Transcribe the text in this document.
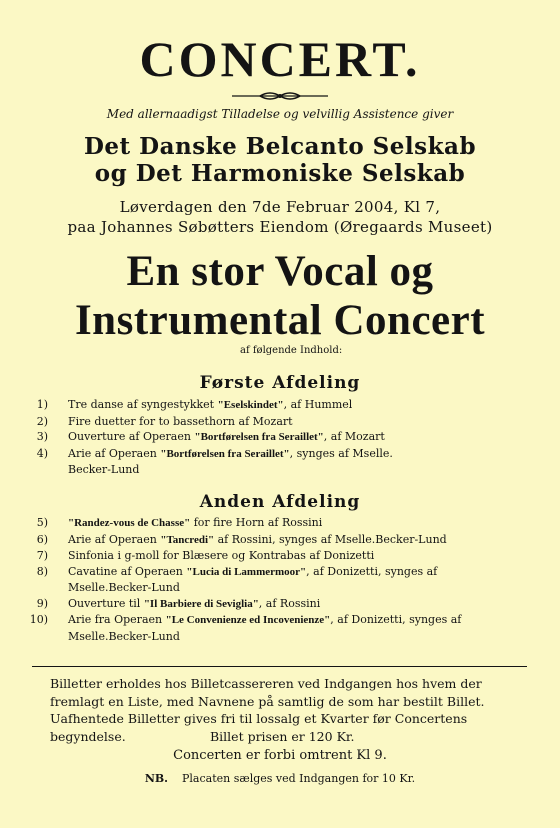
CONCERT.
Med allernaadigst Tilladelse og velvillig Assistence giver
Det Danske Belcanto Selskab
og Det Harmoniske Selskab
Løverdagen den 7de Februar 2004, Kl 7,
paa Johannes Søbøtters Eiendom (Øregaards Museet)
En stor Vocal og
Instrumental Concert
af følgende Indhold:
Første Afdeling
1) Tre danse af syngestykket "Eselskindet", af Hummel
2) Fire duetter for to bassethorn af Mozart
3) Ouverture af Operaen "Bortførelsen fra Seraillet", af Mozart
4) Arie af Operaen "Bortførelsen fra Seraillet", synges af Mselle.
Becker-Lund
Anden Afdeling
5) "Randez-vous de Chasse" for fire Horn af Rossini
6) Arie af Operaen "Tancredi" af Rossini, synges af Mselle.Becker-Lund
7) Sinfonia i g-moll for Blæsere og Kontrabas af Donizetti
8) Cavatine af Operaen "Lucia di Lammermoor", af Donizetti, synges af
Mselle.Becker-Lund
9) Ouverture til "Il Barbiere di Seviglia", af Rossini
10) Arie fra Operaen "Le Convenienze ed Incovenienze", af Donizetti, synges af
Mselle.Becker-Lund
Billetter erholdes hos Billetcassereren ved Indgangen hos hvem der
fremlagt en Liste, med Navnene på samtlig de som har bestilt Billet.
Uafhentede Billetter gives fri til lossalg et Kvarter før Concertens
begyndelse.	Billet prisen er 120 Kr.
Concerten er forbi omtrent Kl 9.
NB. Placaten sælges ved Indgangen for 10 Kr.
